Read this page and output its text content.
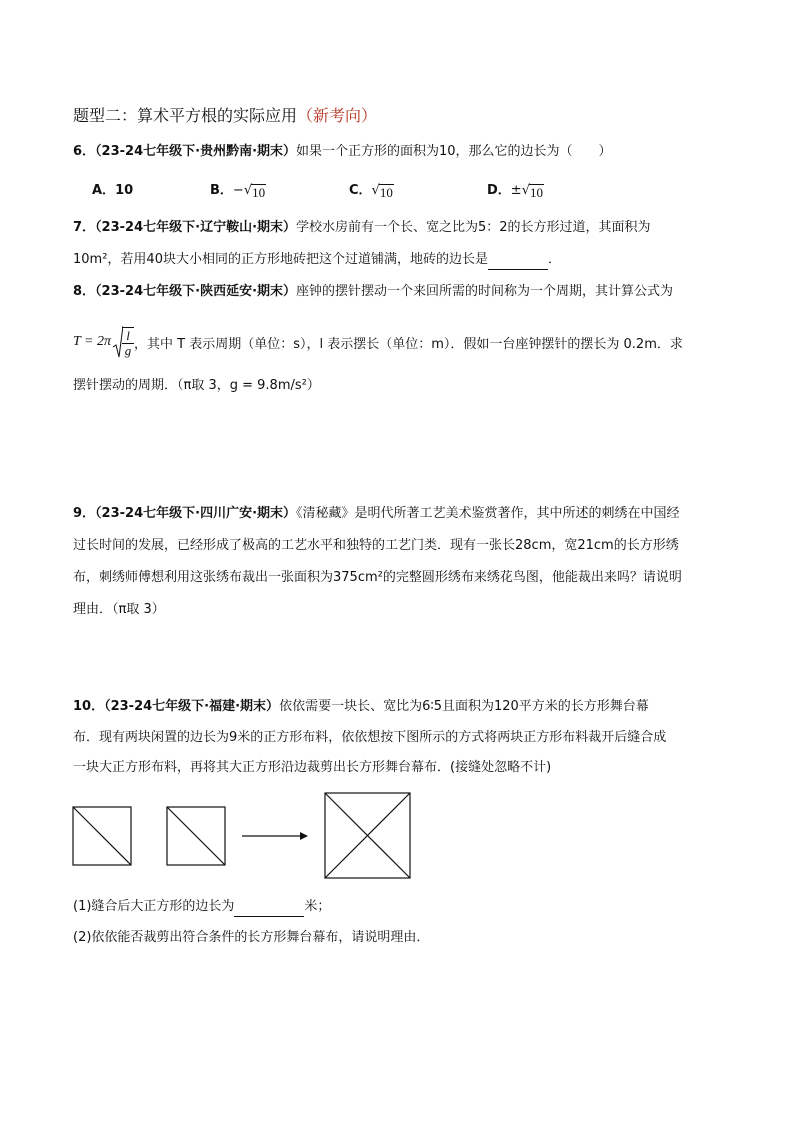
题型二：算术平方根的实际应用（新考向）
6．（23-24七年级下·贵州黔南·期末）如果一个正方形的面积为10，那么它的边长为（　　）
A．10	B．− √ 10	C． √ 10	D．± √ 10
7．（23-24七年级下·辽宁鞍山·期末）学校水房前有一个长、宽之比为5：2的长方形过道，其面积为
10m²，若用40块大小相同的正方形地砖把这个过道铺满，地砖的边长是	．
8．（23-24七年级下·陕西延安·期末）座钟的摆针摆动一个来回所需的时间称为一个周期，其计算公式为
$T = 2\pi \frac{l}{g}$ ，其中 T 表示周期（单位：s），l 表示摆长（单位：m）．假如一台座钟摆针的摆长为 0.2m．求
摆针摆动的周期．（π取 3，g = 9.8m/s²）
9．（23-24七年级下·四川广安·期末）《清秘藏》是明代所著工艺美术鉴赏著作，其中所述的刺绣在中国经
过长时间的发展，已经形成了极高的工艺水平和独特的工艺门类．现有一张长28cm，宽21cm的长方形绣
布，刺绣师傅想利用这张绣布裁出一张面积为375cm²的完整圆形绣布来绣花鸟图，他能裁出来吗？请说明
理由．（π取 3）
10．（23-24七年级下·福建·期末）依依需要一块长、宽比为6∶5且面积为120平方米的长方形舞台幕
布．现有两块闲置的边长为9米的正方形布料，依依想按下图所示的方式将两块正方形布料裁开后缝合成
一块大正方形布料，再将其大正方形沿边裁剪出长方形舞台幕布．(接缝处忽略不计)
(1)缝合后大正方形的边长为	米；
(2)依依能否裁剪出符合条件的长方形舞台幕布，请说明理由．
